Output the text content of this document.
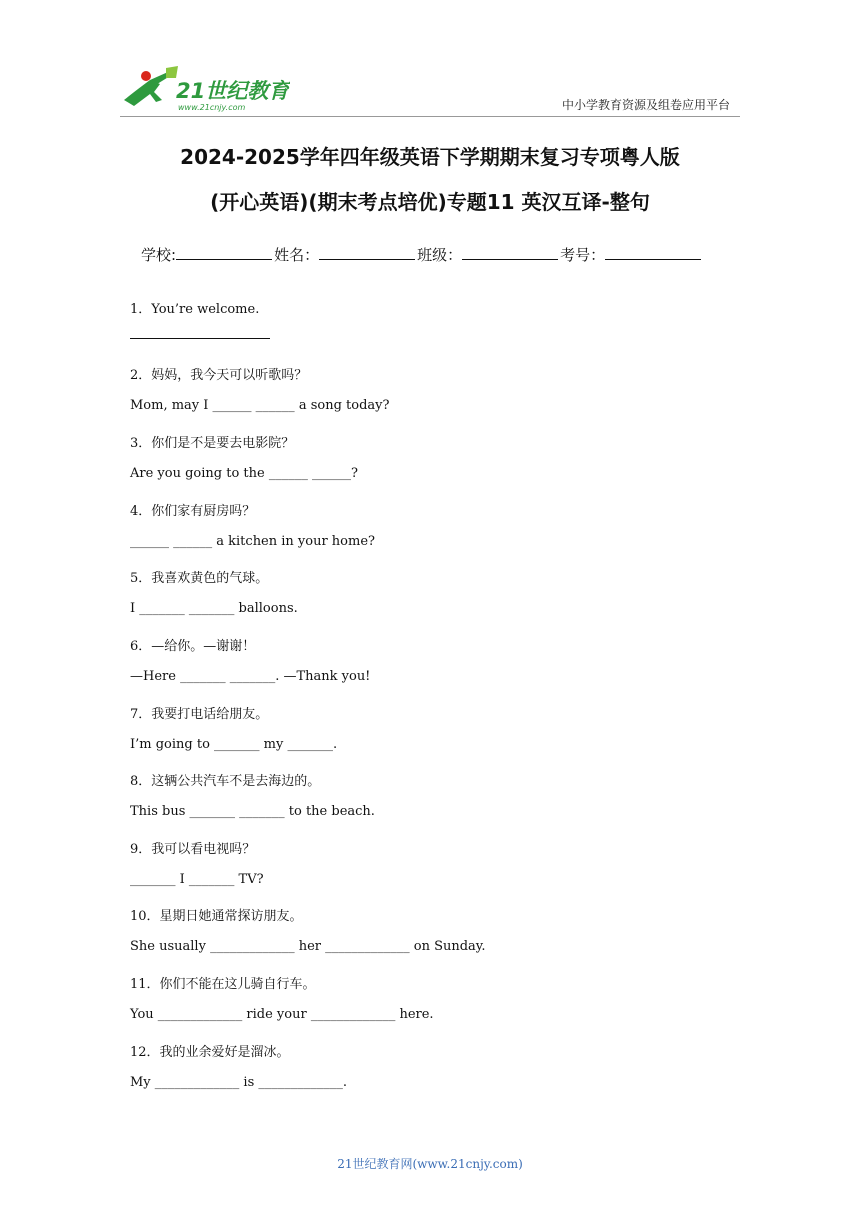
21世纪教育
www.21cnjy.com	中小学教育资源及组卷应用平台
2024-2025学年四年级英语下学期期末复习专项粤人版
(开心英语)(期末考点培优)专题11 英汉互译-整句
学校:	姓名：	班级：	考号：
1．You’re welcome.
2．妈妈，我今天可以听歌吗？
Mom, may I ______ ______ a song today?
3．你们是不是要去电影院？
Are you going to the ______ ______?
4．你们家有厨房吗？
______ ______ a kitchen in your home?
5．我喜欢黄色的气球。
I _______ _______ balloons.
6．—给你。—谢谢！
—Here _______ _______. —Thank you!
7．我要打电话给朋友。
I’m going to _______ my _______.
8．这辆公共汽车不是去海边的。
This bus _______ _______ to the beach.
9．我可以看电视吗？
_______ I _______ TV?
10．星期日她通常探访朋友。
She usually _____________ her _____________ on Sunday.
11．你们不能在这儿骑自行车。
You _____________ ride your _____________ here.
12．我的业余爱好是溜冰。
My _____________ is _____________.
21世纪教育网(www.21cnjy.com)
